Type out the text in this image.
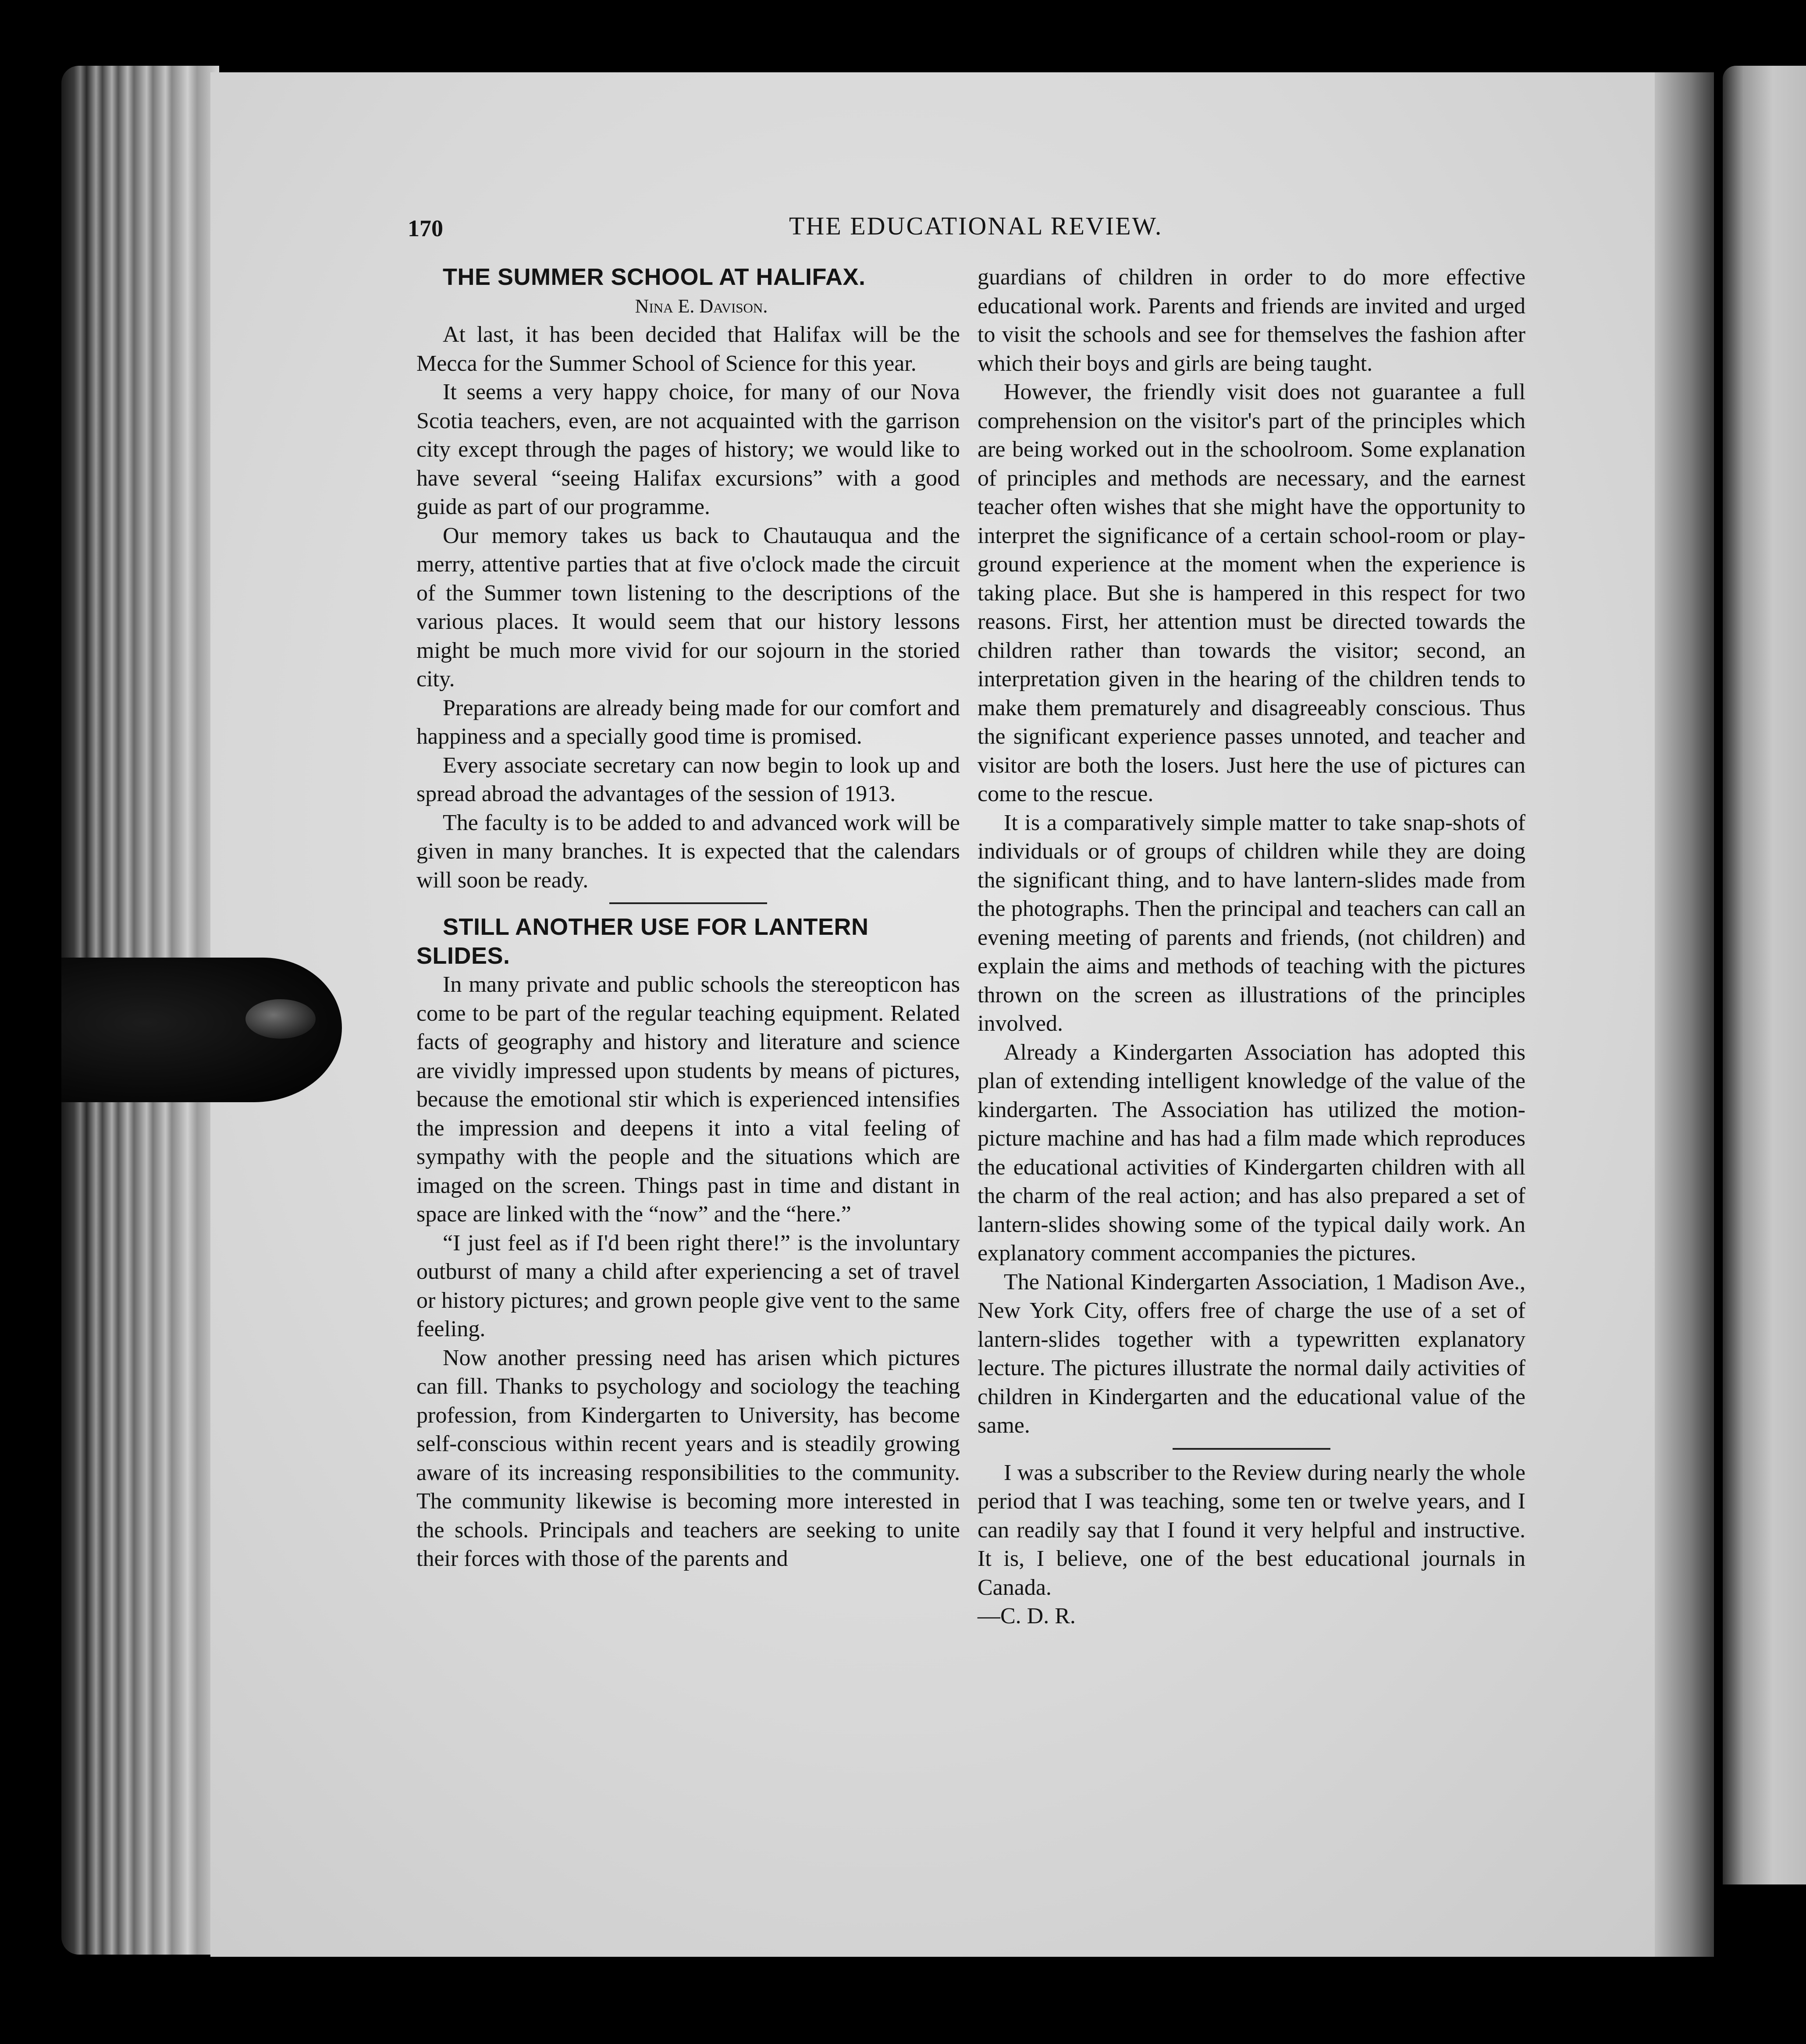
170	THE EDUCATIONAL REVIEW.

THE SUMMER SCHOOL AT HALIFAX.

Nina E. Davison.

At last, it has been decided that Halifax will be the Mecca for the Summer School of Science for this year.

It seems a very happy choice, for many of our Nova Scotia teachers, even, are not acquainted with the garrison city except through the pages of history; we would like to have several “seeing Halifax excursions” with a good guide as part of our programme.

Our memory takes us back to Chautauqua and the merry, attentive parties that at five o'clock made the circuit of the Summer town listening to the descriptions of the various places. It would seem that our history lessons might be much more vivid for our sojourn in the storied city.

Preparations are already being made for our comfort and happiness and a specially good time is promised.

Every associate secretary can now begin to look up and spread abroad the advantages of the session of 1913.

The faculty is to be added to and advanced work will be given in many branches. It is expected that the calendars will soon be ready.

STILL ANOTHER USE FOR LANTERN SLIDES.

In many private and public schools the stereopticon has come to be part of the regular teaching equipment. Related facts of geography and history and literature and science are vividly impressed upon students by means of pictures, because the emotional stir which is experienced intensifies the impression and deepens it into a vital feeling of sympathy with the people and the situations which are imaged on the screen. Things past in time and distant in space are linked with the “now” and the “here.”

“I just feel as if I'd been right there!” is the involuntary outburst of many a child after experiencing a set of travel or history pictures; and grown people give vent to the same feeling.

Now another pressing need has arisen which pictures can fill. Thanks to psychology and sociology the teaching profession, from Kindergarten to University, has become self-conscious within recent years and is steadily growing aware of its increasing responsibilities to the community. The community likewise is becoming more interested in the schools. Principals and teachers are seeking to unite their forces with those of the parents and

guardians of children in order to do more effective educational work. Parents and friends are invited and urged to visit the schools and see for themselves the fashion after which their boys and girls are being taught.

However, the friendly visit does not guarantee a full comprehension on the visitor's part of the principles which are being worked out in the schoolroom. Some explanation of principles and methods are necessary, and the earnest teacher often wishes that she might have the opportunity to interpret the significance of a certain school-room or play-ground experience at the moment when the experience is taking place. But she is hampered in this respect for two reasons. First, her attention must be directed towards the children rather than towards the visitor; second, an interpretation given in the hearing of the children tends to make them prematurely and disagreeably conscious. Thus the significant experience passes unnoted, and teacher and visitor are both the losers. Just here the use of pictures can come to the rescue.

It is a comparatively simple matter to take snap-shots of individuals or of groups of children while they are doing the significant thing, and to have lantern-slides made from the photographs. Then the principal and teachers can call an evening meeting of parents and friends, (not children) and explain the aims and methods of teaching with the pictures thrown on the screen as illustrations of the principles involved.

Already a Kindergarten Association has adopted this plan of extending intelligent knowledge of the value of the kindergarten. The Association has utilized the motion-picture machine and has had a film made which reproduces the educational activities of Kindergarten children with all the charm of the real action; and has also prepared a set of lantern-slides showing some of the typical daily work. An explanatory comment accompanies the pictures.

The National Kindergarten Association, 1 Madison Ave., New York City, offers free of charge the use of a set of lantern-slides together with a typewritten explanatory lecture. The pictures illustrate the normal daily activities of children in Kindergarten and the educational value of the same.

I was a subscriber to the Review during nearly the whole period that I was teaching, some ten or twelve years, and I can readily say that I found it very helpful and instructive. It is, I believe, one of the best educational journals in Canada.

—C. D. R.
